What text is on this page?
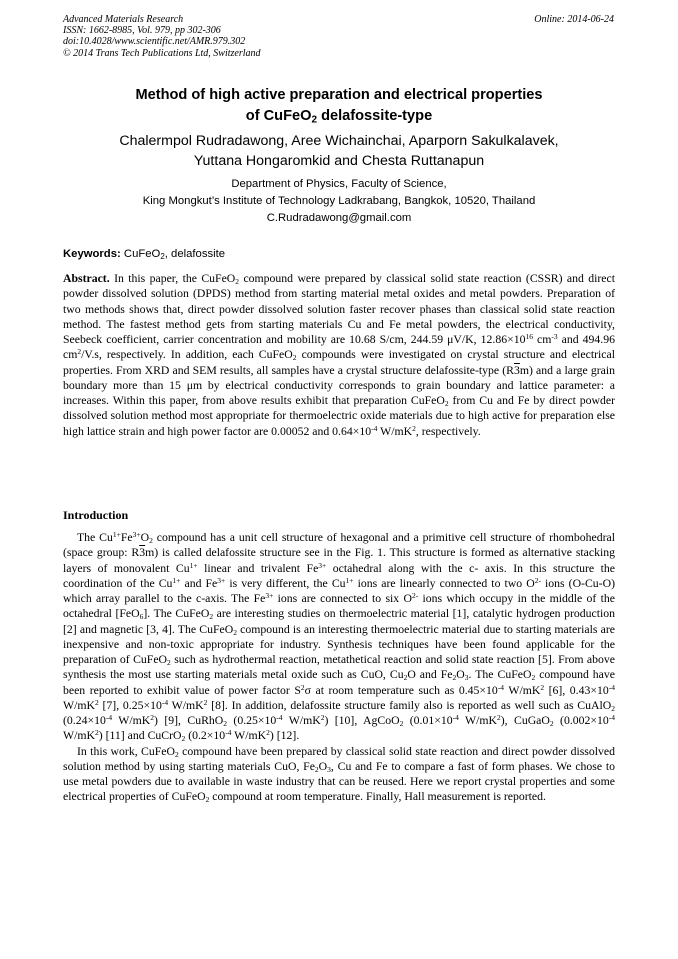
Advanced Materials Research
ISSN: 1662-8985, Vol. 979, pp 302-306
doi:10.4028/www.scientific.net/AMR.979.302
© 2014 Trans Tech Publications Ltd, Switzerland
Online: 2014-06-24
Method of high active preparation and electrical properties
of CuFeO$_2$ delafossite-type
Chalermpol Rudradawong, Aree Wichainchai, Aparporn Sakulkalavek,
Yuttana Hongaromkid and Chesta Ruttanapun
Department of Physics, Faculty of Science,
King Mongkut’s Institute of Technology Ladkrabang, Bangkok, 10520, Thailand
C.Rudradawong@gmail.com
Keywords: CuFeO$_2$, delafossite
Abstract. In this paper, the CuFeO$_2$ compound were prepared by classical solid state reaction (CSSR) and direct powder dissolved solution (DPDS) method from starting material metal oxides and metal powders. Preparation of two methods shows that, direct powder dissolved solution faster recover phases than classical solid state reaction method. The fastest method gets from starting materials Cu and Fe metal powders, the electrical conductivity, Seebeck coefficient, carrier concentration and mobility are 10.68 S/cm, 244.59 μV/K, $12.86\times 10^{16}$ $cm^{-3}$ and 494.96 $cm^2/V.s$, respectively. In addition, each CuFeO$_2$ compounds were investigated on crystal structure and electrical properties. From XRD and SEM results, all samples have a crystal structure delafossite-type (R3m) and a large grain boundary more than 15 μm by electrical conductivity corresponds to grain boundary and lattice parameter: a increases. Within this paper, from above results exhibit that preparation CuFeO$_2$ from Cu and Fe by direct powder dissolved solution method most appropriate for thermoelectric oxide materials due to high active for preparation else high lattice strain and high power factor are 0.00052 and $0.64\times 10^{-4}$ $W/mK^2$, respectively.
Introduction

The $Cu^{1+}Fe^{3+}O_2$ compound has a unit cell structure of hexagonal and a primitive cell structure of rhombohedral (space group: R3m) is called delafossite structure see in the Fig. 1. This structure is formed as alternative stacking layers of monovalent $Cu^{1+}$ linear and trivalent $Fe^{3+}$ octahedral along with the c- axis. In this structure the coordination of the $Cu^{1+}$ and $Fe^{3+}$ is very different, the $Cu^{1+}$ ions are linearly connected to two $O^{2-}$ ions (O-Cu-O) which array parallel to the c-axis. The $Fe^{3+}$ ions are connected to six $O^{2-}$ ions which occupy in the middle of the octahedral [FeO$_6$]. The CuFeO$_2$ are interesting studies on thermoelectric material [1], catalytic hydrogen production [2] and magnetic [3, 4]. The CuFeO$_2$ compound is an interesting thermoelectric material due to starting materials are inexpensive and non-toxic appropriate for industry. Synthesis techniques have been found applicable for the preparation of CuFeO$_2$ such as hydrothermal reaction, metathetical reaction and solid state reaction [5]. From above synthesis the most use starting materials metal oxide such as CuO, $Cu_2O$ and $Fe_2O_3$. The CuFeO$_2$ compound have been reported to exhibit value of power factor $S^2\sigma$ at room temperature such as $0.45\times 10^{-4}$ $W/mK^2$ [6], $0.43\times 10^{-4}$ $W/mK^2$ [7], $0.25\times 10^{-4}$ $W/mK^2$ [8]. In addition, delafossite structure family also is reported as well such as CuAlO$_2$ ($0.24\times 10^{-4}$ $W/mK^2$) [9], CuRhO$_2$ ($0.25\times 10^{-4}$ $W/mK^2$) [10], AgCoO$_2$ ($0.01\times 10^{-4}$ $W/mK^2$), CuGaO$_2$ ($0.002\times 10^{-4}$ $W/mK^2$) [11] and CuCrO$_2$ ($0.2\times 10^{-4}$ $W/mK^2$) [12].

In this work, CuFeO$_2$ compound have been prepared by classical solid state reaction and direct powder dissolved solution method by using starting materials CuO, $Fe_2O_3$, Cu and Fe to compare a fast of form phases. We chose to use metal powders due to available in waste industry that can be reused. Here we report crystal properties and some electrical properties of CuFeO$_2$ compound at room temperature. Finally, Hall measurement is reported.
